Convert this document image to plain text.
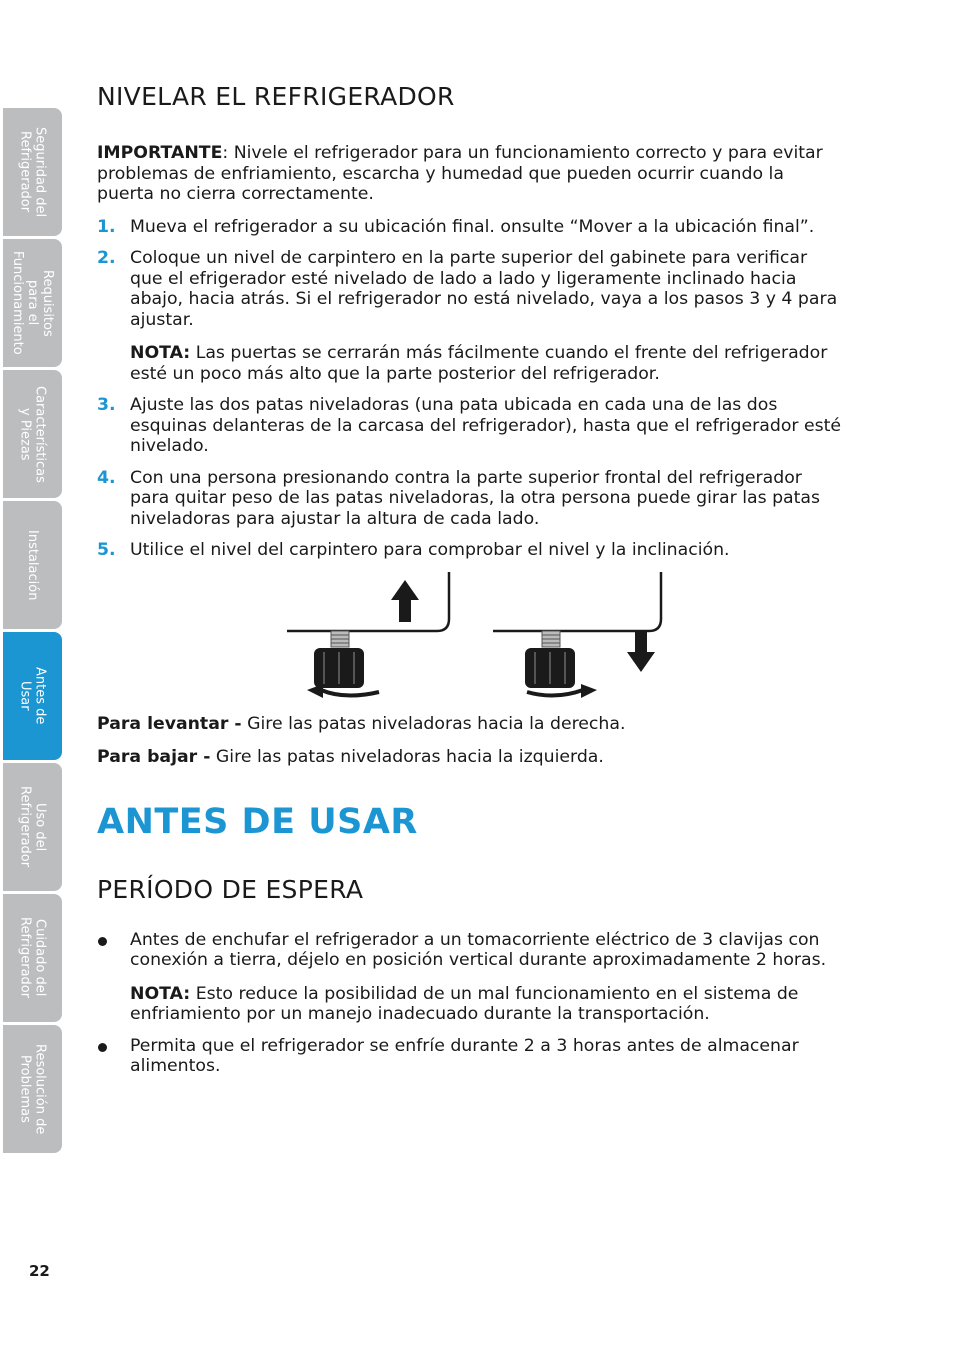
Seguridad del
Refrigerador
Requisitos
para el
Funcionamiento
Características
y Piezas
Instalación
Antes de
Usar
Uso del
Refrigerador
Cuidado del
Refrigerador
Resolución de
Problemas
NIVELAR EL REFRIGERADOR

IMPORTANTE: Nivele el refrigerador para un funcionamiento correcto y para evitar problemas de enfriamiento, escarcha y humedad que pueden ocurrir cuando la puerta no cierra correctamente.

1. Mueva el refrigerador a su ubicación final. onsulte “Mover a la ubicación final”.
2. Coloque un nivel de carpintero en la parte superior del gabinete para verificar que el efrigerador esté nivelado de lado a lado y ligeramente inclinado hacia abajo, hacia atrás. Si el refrigerador no está nivelado, vaya a los pasos 3 y 4 para ajustar.

NOTA: Las puertas se cerrarán más fácilmente cuando el frente del refrigerador esté un poco más alto que la parte posterior del refrigerador.

3. Ajuste las dos patas niveladoras (una pata ubicada en cada una de las dos esquinas delanteras de la carcasa del refrigerador), hasta que el refrigerador esté nivelado.
4. Con una persona presionando contra la parte superior frontal del refrigerador para quitar peso de las patas niveladoras, la otra persona puede girar las patas niveladoras para ajustar la altura de cada lado.
5. Utilice el nivel del carpintero para comprobar el nivel y la inclinación.

Para levantar - Gire las patas niveladoras hacia la derecha.

Para bajar - Gire las patas niveladoras hacia la izquierda.

ANTES DE USAR
PERÍODO DE ESPERA
Antes de enchufar el refrigerador a un tomacorriente eléctrico de 3 clavijas con conexión a tierra, déjelo en posición vertical durante aproximadamente 2 horas.

NOTA: Esto reduce la posibilidad de un mal funcionamiento en el sistema de enfriamiento por un manejo inadecuado durante la transportación.

Permita que el refrigerador se enfríe durante 2 a 3 horas antes de almacenar alimentos.
22
